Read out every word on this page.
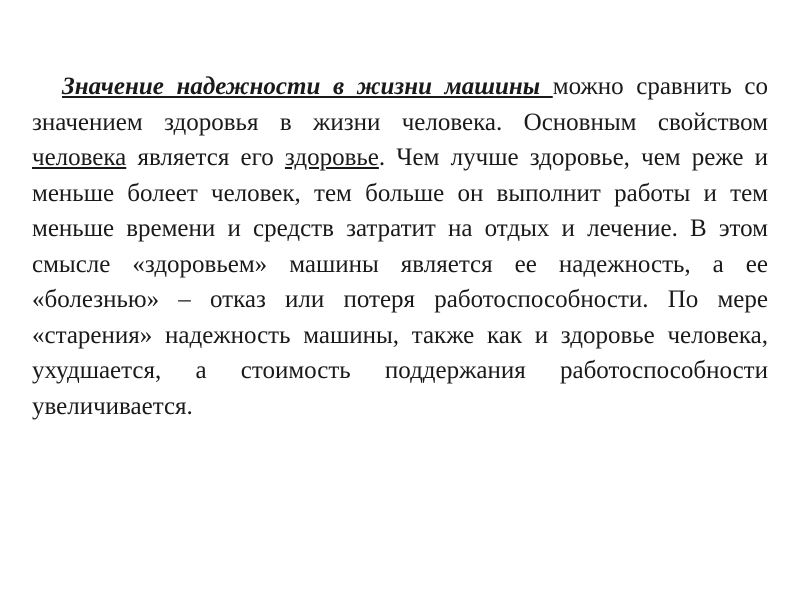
Значение надежности в жизни машины можно сравнить со значением здоровья в жизни человека. Основным свойством человека является его здоровье. Чем лучше здоровье, чем реже и меньше болеет человек, тем больше он выполнит работы и тем меньше времени и средств затратит на отдых и лечение. В этом смысле «здоровьем» машины является ее надежность, а ее «болезнью» – отказ или потеря работоспособности. По мере «старения» надежность машины, также как и здоровье человека, ухудшается, а стоимость поддержания работоспособности увеличивается.
